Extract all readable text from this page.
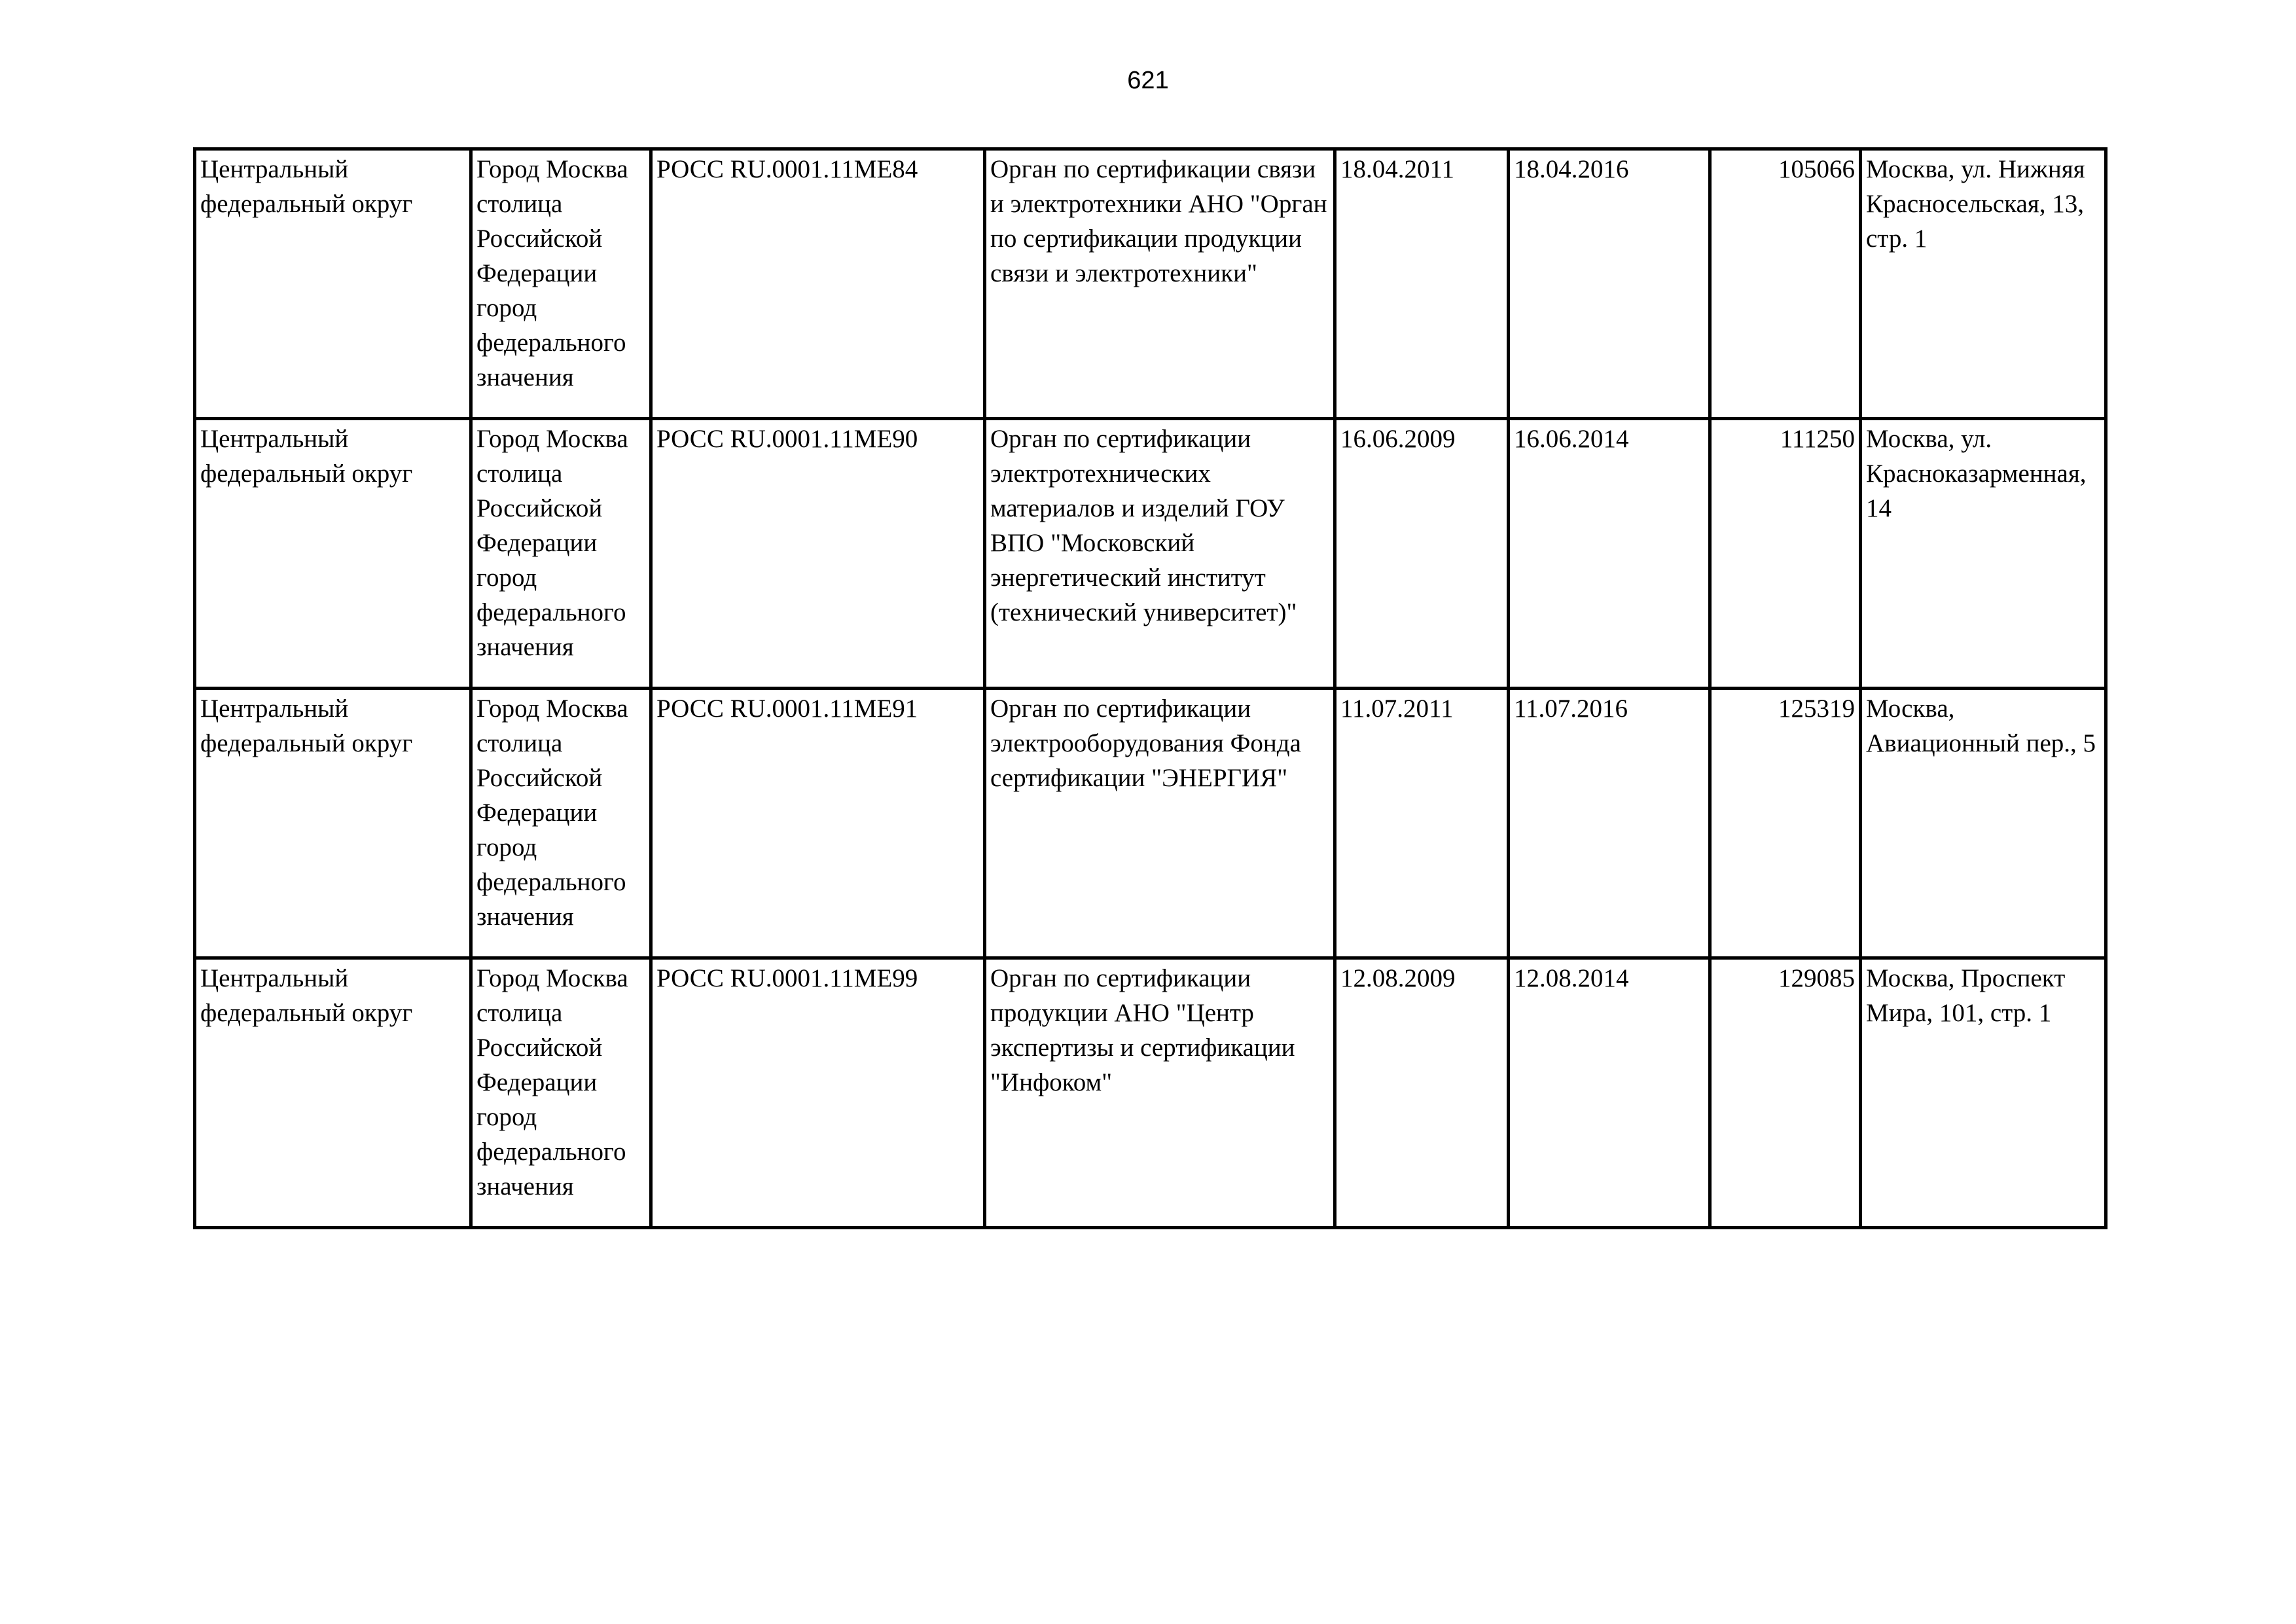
621
Центральный федеральный округ	Город Москва столица Российской Федерации город федерального значения	РОСС RU.0001.11МЕ84	Орган по сертификации связи и электротехники АНО "Орган по сертификации продукции связи и электротехники"	18.04.2011	18.04.2016	105066	Москва, ул. Нижняя Красносельская, 13, стр. 1

Центральный федеральный округ	Город Москва столица Российской Федерации город федерального значения	РОСС RU.0001.11МЕ90	Орган по сертификации электротехнических материалов и изделий ГОУ ВПО "Московский энергетический институт (технический университет)"	16.06.2009	16.06.2014	111250	Москва, ул. Красноказарменная, 14

Центральный федеральный округ	Город Москва столица Российской Федерации город федерального значения	РОСС RU.0001.11МЕ91	Орган по сертификации электрооборудования Фонда сертификации "ЭНЕРГИЯ"	11.07.2011	11.07.2016	125319	Москва, Авиационный пер., 5

Центральный федеральный округ	Город Москва столица Российской Федерации город федерального значения	РОСС RU.0001.11МЕ99	Орган по сертификации продукции АНО "Центр экспертизы и сертификации "Инфоком"	12.08.2009	12.08.2014	129085	Москва, Проспект Мира, 101, стр. 1
